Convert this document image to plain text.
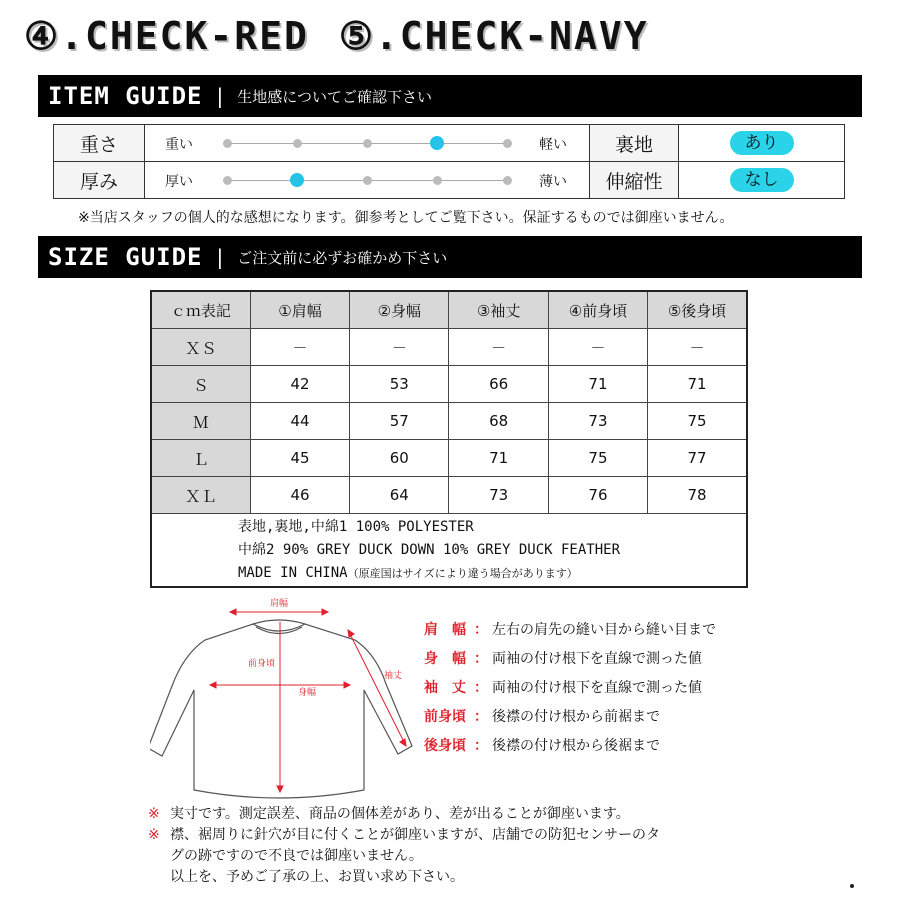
④.CHECK-RED ⑤.CHECK-NAVY
ITEM GUIDE | 生地感についてご確認下さい
重さ	重い 軽い	裏地	あり
厚み	厚い 薄い	伸縮性	なし
※当店スタッフの個人的な感想になります。御参考としてご覧下さい。保証するものでは御座いません。
SIZE GUIDE | ご注文前に必ずお確かめ下さい
ｃｍ表記	①肩幅	②身幅	③袖丈	④前身頃	⑤後身頃
ＸＳ	－	－	－	－	－
Ｓ	42	53	66	71	71
Ｍ	44	57	68	73	75
Ｌ	45	60	71	75	77
ＸＬ	46	64	73	76	78

表地,裏地,中綿1 100% POLYESTER
中綿2 90% GREY DUCK DOWN 10% GREY DUCK FEATHER
MADE IN CHINA（原産国はサイズにより違う場合があります）					
肩幅
前身頃
身幅
袖丈
肩　幅 ： 左右の肩先の縫い目から縫い目まで
身　幅 ： 両袖の付け根下を直線で測った値
袖　丈 ： 両袖の付け根下を直線で測った値
前身頃 ： 後襟の付け根から前裾まで
後身頃 ： 後襟の付け根から後裾まで
※ 実寸です。測定誤差、商品の個体差があり、差が出ることが御座います。
※ 襟、裾周りに針穴が目に付くことが御座いますが、店舗での防犯センサーのタ
グの跡ですので不良では御座いません。
以上を、予めご了承の上、お買い求め下さい。
